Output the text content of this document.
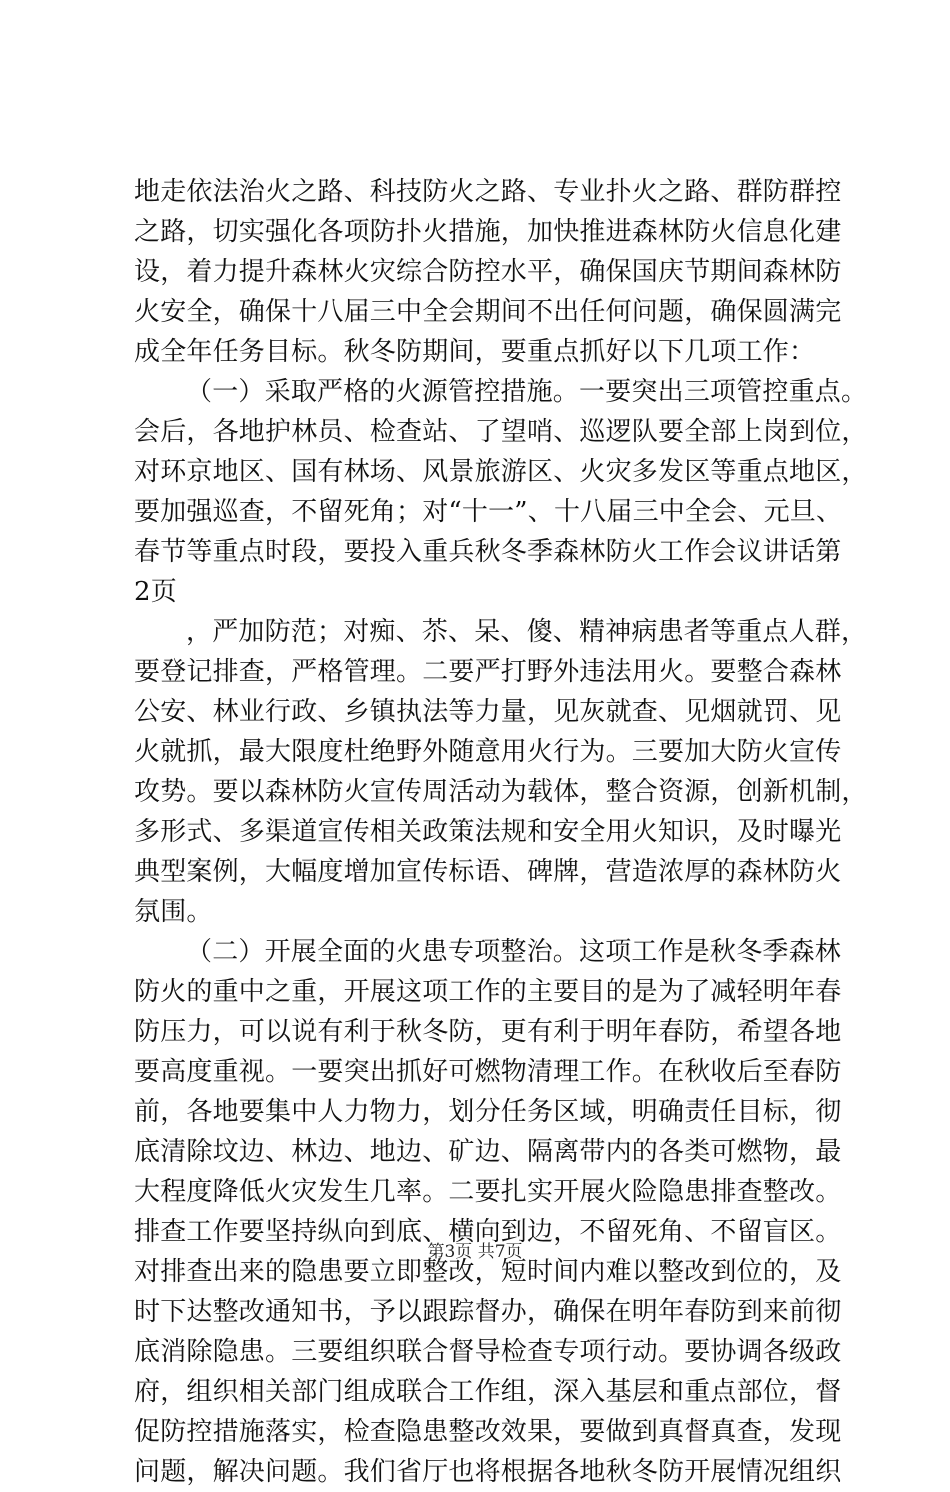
地走依法治火之路、科技防火之路、专业扑火之路、群防群控
之路，切实强化各项防扑火措施，加快推进森林防火信息化建
设，着力提升森林火灾综合防控水平，确保国庆节期间森林防
火安全，确保十八届三中全会期间不出任何问题，确保圆满完
成全年任务目标。秋冬防期间，要重点抓好以下几项工作：
（一）采取严格的火源管控措施。一要突出三项管控重点。
会后，各地护林员、检查站、了望哨、巡逻队要全部上岗到位，
对环京地区、国有林场、风景旅游区、火灾多发区等重点地区，
要加强巡查，不留死角；对“十一”、十八届三中全会、元旦、
春节等重点时段，要投入重兵秋冬季森林防火工作会议讲话第
2页
，严加防范；对痴、苶、呆、傻、精神病患者等重点人群，
要登记排查，严格管理。二要严打野外违法用火。要整合森林
公安、林业行政、乡镇执法等力量，见灰就查、见烟就罚、见
火就抓，最大限度杜绝野外随意用火行为。三要加大防火宣传
攻势。要以森林防火宣传周活动为载体，整合资源，创新机制，
多形式、多渠道宣传相关政策法规和安全用火知识，及时曝光
典型案例，大幅度增加宣传标语、碑牌，营造浓厚的森林防火
氛围。
（二）开展全面的火患专项整治。这项工作是秋冬季森林
防火的重中之重，开展这项工作的主要目的是为了减轻明年春
防压力，可以说有利于秋冬防，更有利于明年春防，希望各地
要高度重视。一要突出抓好可燃物清理工作。在秋收后至春防
前，各地要集中人力物力，划分任务区域，明确责任目标，彻
底清除坟边、林边、地边、矿边、隔离带内的各类可燃物，最
大程度降低火灾发生几率。二要扎实开展火险隐患排查整改。
排查工作要坚持纵向到底、横向到边，不留死角、不留盲区。
对排查出来的隐患要立即整改，短时间内难以整改到位的，及
时下达整改通知书，予以跟踪督办，确保在明年春防到来前彻
底消除隐患。三要组织联合督导检查专项行动。要协调各级政
府，组织相关部门组成联合工作组，深入基层和重点部位，督
促防控措施落实，检查隐患整改效果，要做到真督真查，发现
问题，解决问题。我们省厅也将根据各地秋冬防开展情况组织
第3页 共7页
